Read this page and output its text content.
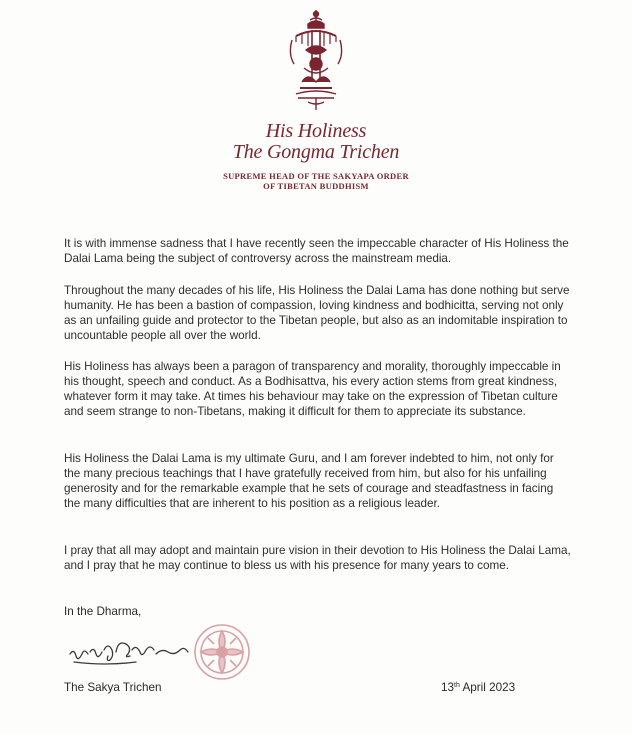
His Holiness
The Gongma Trichen
SUPREME HEAD OF THE SAKYAPA ORDER
OF TIBETAN BUDDHISM

It is with immense sadness that I have recently seen the impeccable character of His Holiness the Dalai Lama being the subject of controversy across the mainstream media.

Throughout the many decades of his life, His Holiness the Dalai Lama has done nothing but serve humanity. He has been a bastion of compassion, loving kindness and bodhicitta, serving not only as an unfailing guide and protector to the Tibetan people, but also as an indomitable inspiration to uncountable people all over the world.

His Holiness has always been a paragon of transparency and morality, thoroughly impeccable in his thought, speech and conduct. As a Bodhisattva, his every action stems from great kindness, whatever form it may take. At times his behaviour may take on the expression of Tibetan culture and seem strange to non-Tibetans, making it difficult for them to appreciate its substance.

His Holiness the Dalai Lama is my ultimate Guru, and I am forever indebted to him, not only for the many precious teachings that I have gratefully received from him, but also for his unfailing generosity and for the remarkable example that he sets of courage and steadfastness in facing the many difficulties that are inherent to his position as a religious leader.

I pray that all may adopt and maintain pure vision in their devotion to His Holiness the Dalai Lama, and I pray that he may continue to bless us with his presence for many years to come.

In the Dharma,
The Sakya Trichen	13th April 2023
